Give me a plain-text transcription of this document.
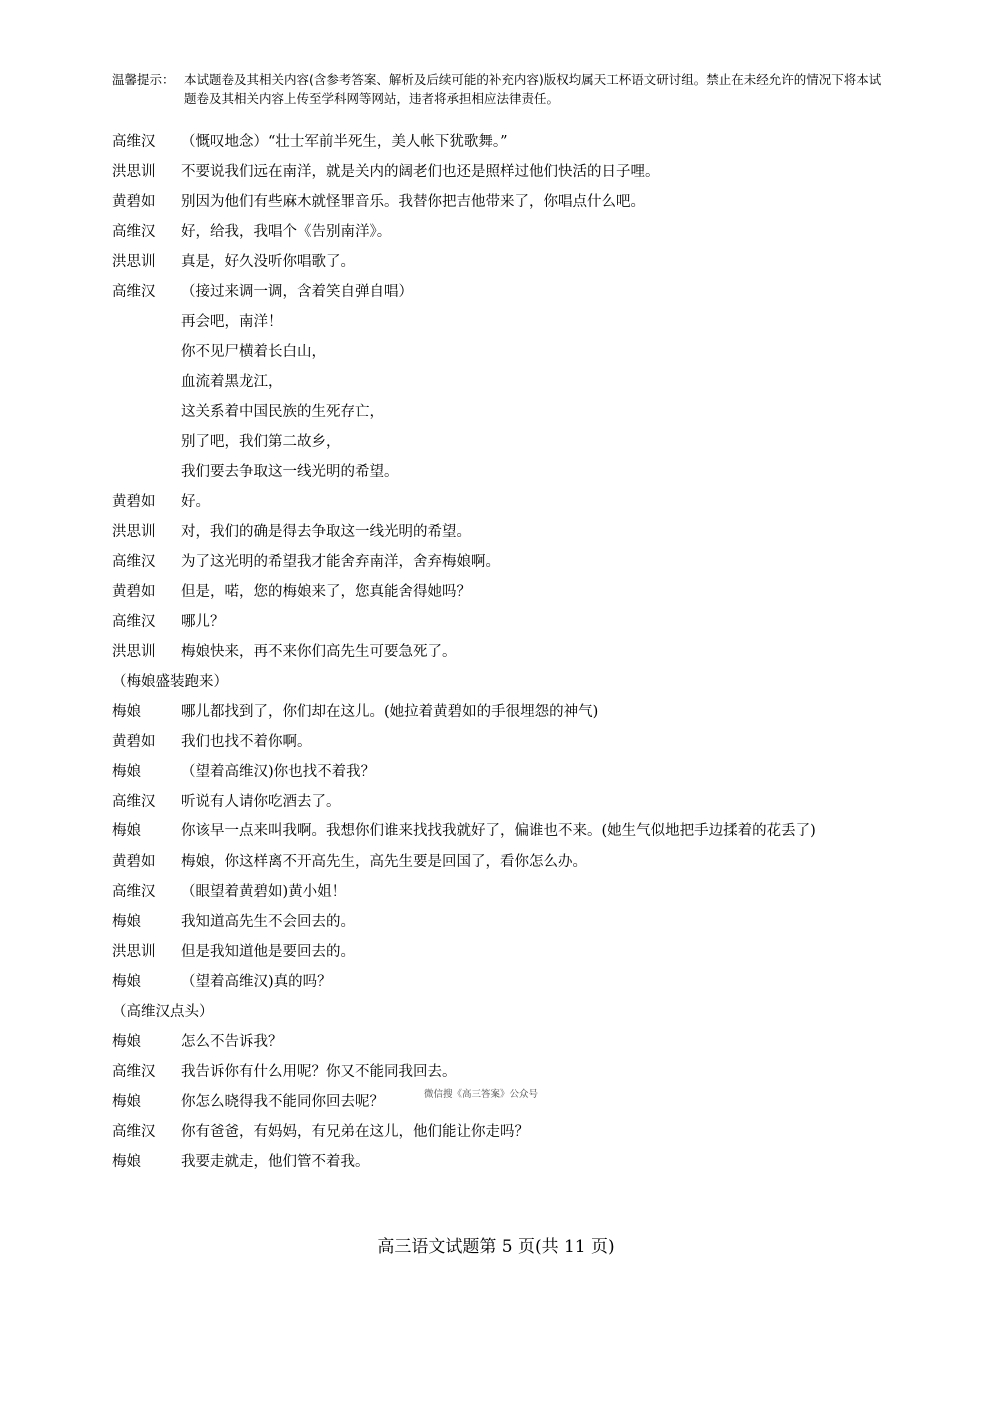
温馨提示： 本试题卷及其相关内容(含参考答案、解析及后续可能的补充内容)版权均属天工杯语文研讨组。禁止在未经允许的情况下将本试题卷及其相关内容上传至学科网等网站，违者将承担相应法律责任。
高维汉 （慨叹地念）“壮士军前半死生，美人帐下犹歌舞。”
洪思训 不要说我们远在南洋，就是关内的阔老们也还是照样过他们快活的日子哩。
黄碧如 别因为他们有些麻木就怪罪音乐。我替你把吉他带来了，你唱点什么吧。
高维汉 好，给我，我唱个《告别南洋》。
洪思训 真是，好久没听你唱歌了。
高维汉 （接过来调一调，含着笑自弹自唱）
再会吧，南洋！
你不见尸横着长白山，
血流着黑龙江，
这关系着中国民族的生死存亡，
别了吧，我们第二故乡，
我们要去争取这一线光明的希望。
黄碧如 好。
洪思训 对，我们的确是得去争取这一线光明的希望。
高维汉 为了这光明的希望我才能舍弃南洋，舍弃梅娘啊。
黄碧如 但是，喏，您的梅娘来了，您真能舍得她吗？
高维汉 哪儿？
洪思训 梅娘快来，再不来你们高先生可要急死了。
（梅娘盛装跑来）
梅娘	哪儿都找到了，你们却在这儿。(她拉着黄碧如的手很埋怨的神气)
黄碧如 我们也找不着你啊。
梅娘	（望着高维汉)你也找不着我？
高维汉 听说有人请你吃酒去了。
梅娘	你该早一点来叫我啊。我想你们谁来找找我就好了，偏谁也不来。(她生气似地把手边揉着的花丢了)
黄碧如 梅娘，你这样离不开高先生，高先生要是回国了，看你怎么办。
高维汉 （眼望着黄碧如)黄小姐！
梅娘	我知道高先生不会回去的。
洪思训 但是我知道他是要回去的。
梅娘	（望着高维汉)真的吗？
（高维汉点头）
梅娘	怎么不告诉我？
高维汉 我告诉你有什么用呢？你又不能同我回去。
梅娘	你怎么晓得我不能同你回去呢？
高维汉 你有爸爸，有妈妈，有兄弟在这儿，他们能让你走吗？
梅娘	我要走就走，他们管不着我。
微信搜《高三答案》公众号
高三语文试题第 5 页(共 11 页)
